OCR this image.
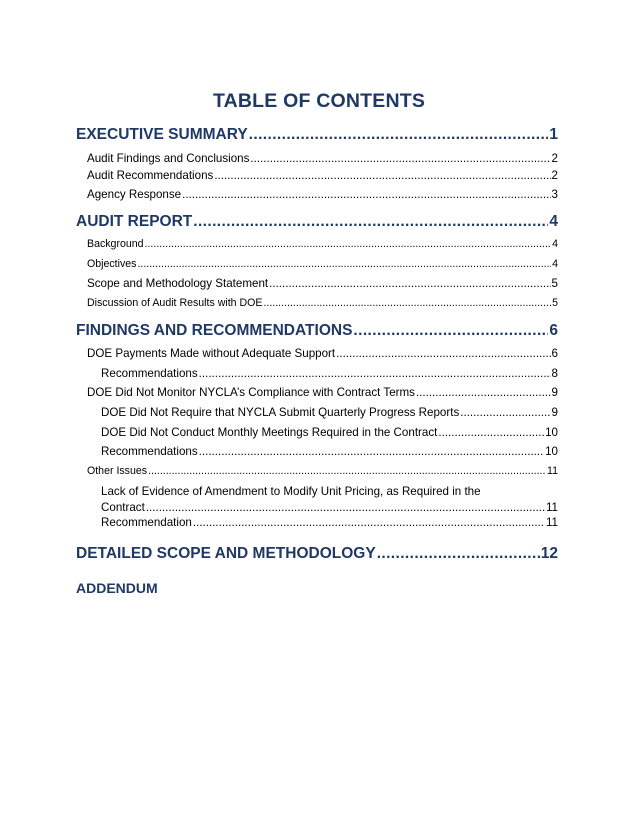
TABLE OF CONTENTS
EXECUTIVE SUMMARY .....	1
Audit Findings and Conclusions .....	2
Audit Recommendations .....	2
Agency Response .....	3
AUDIT REPORT .....	4
Background .....	4
Objectives .....	4
Scope and Methodology Statement .....	5
Discussion of Audit Results with DOE .....	5
FINDINGS AND RECOMMENDATIONS .....	6
DOE Payments Made without Adequate Support .....	6
Recommendations .....	8
DOE Did Not Monitor NYCLA’s Compliance with Contract Terms .....	9
DOE Did Not Require that NYCLA Submit Quarterly Progress Reports .....	9
DOE Did Not Conduct Monthly Meetings Required in the Contract .....	10
Recommendations .....	10
Other Issues .....	11
Lack of Evidence of Amendment to Modify Unit Pricing, as Required in the
Contract .....	11
Recommendation .....	11
DETAILED SCOPE AND METHODOLOGY .....	12
ADDENDUM
